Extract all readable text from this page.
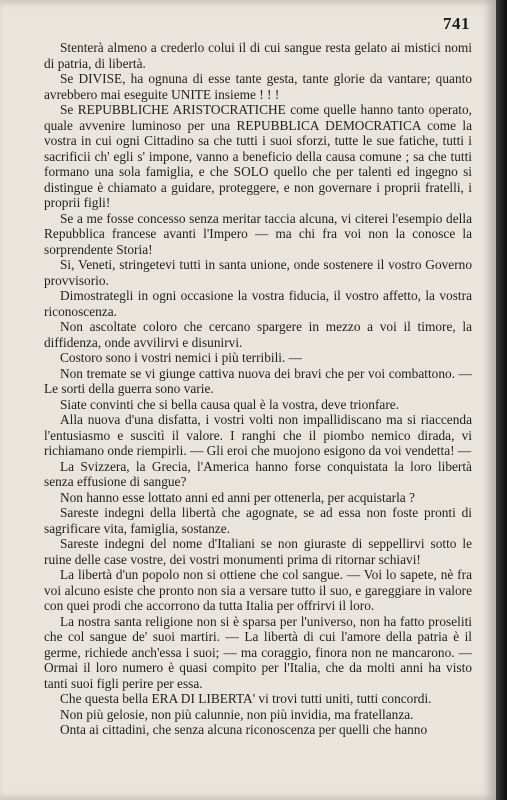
741

Stenterà almeno a crederlo colui il di cui sangue resta gelato ai mistici nomi di patria, di libertà.

Se DIVISE, ha ognuna di esse tante gesta, tante glorie da vantare; quanto avrebbero mai eseguite UNITE insieme ! ! !

Se REPUBBLICHE ARISTOCRATICHE come quelle hanno tanto operato, quale avvenire luminoso per una REPUBBLICA DEMOCRATICA come la vostra in cui ogni Cittadino sa che tutti i suoi sforzi, tutte le sue fatiche, tutti i sacrificii ch' egli s' impone, vanno a beneficio della causa comune ; sa che tutti formano una sola famiglia, e che SOLO quello che per talenti ed ingegno si distingue è chiamato a guidare, proteggere, e non governare i proprii fratelli, i proprii figli!

Se a me fosse concesso senza meritar taccia alcuna, vi citerei l'esempio della Repubblica francese avanti l'Impero — ma chi fra voi non la conosce la sorprendente Storia!

Si, Veneti, stringetevi tutti in santa unione, onde sostenere il vostro Governo provvisorio.

Dimostrategli in ogni occasione la vostra fiducia, il vostro affetto, la vostra riconoscenza.

Non ascoltate coloro che cercano spargere in mezzo a voi il timore, la diffidenza, onde avvilirvi e disunirvi.

Costoro sono i vostri nemici i più terribili. —

Non tremate se vi giunge cattiva nuova dei bravi che per voi combattono. — Le sorti della guerra sono varie.

Siate convinti che si bella causa qual è la vostra, deve trionfare.

Alla nuova d'una disfatta, i vostri volti non impallidiscano ma si riaccenda l'entusiasmo e suscitì il valore. I ranghi che il piombo nemico dirada, vi richiamano onde riempirli. — Gli eroi che muojono esigono da voi vendetta! —

La Svizzera, la Grecia, l'America hanno forse conquistata la loro libertà senza effusione di sangue?

Non hanno esse lottato anni ed anni per ottenerla, per acquistarla ?

Sareste indegni della libertà che agognate, se ad essa non foste pronti di sagrificare vita, famiglia, sostanze.

Sareste indegni del nome d'Italiani se non giuraste di seppellirvi sotto le ruine delle case vostre, dei vostri monumenti prima di ritornar schiavi!

La libertà d'un popolo non si ottiene che col sangue. — Voi lo sapete, nè fra voi alcuno esiste che pronto non sia a versare tutto il suo, e gareggiare in valore con quei prodi che accorrono da tutta Italia per offrirvi il loro.

La nostra santa religione non si è sparsa per l'universo, non ha fatto proseliti che col sangue de' suoi martiri. — La libertà di cui l'amore della patria è il germe, richiede anch'essa i suoi; — ma coraggio, finora non ne mancarono. — Ormai il loro numero è quasi compito per l'Italia, che da molti anni ha visto tanti suoi figli perire per essa.

Che questa bella ERA DI LIBERTA' vi trovi tutti uniti, tutti concordi.

Non più gelosie, non più calunnie, non più invidia, ma fratellanza.

Onta ai cittadini, che senza alcuna riconoscenza per quelli che hanno
